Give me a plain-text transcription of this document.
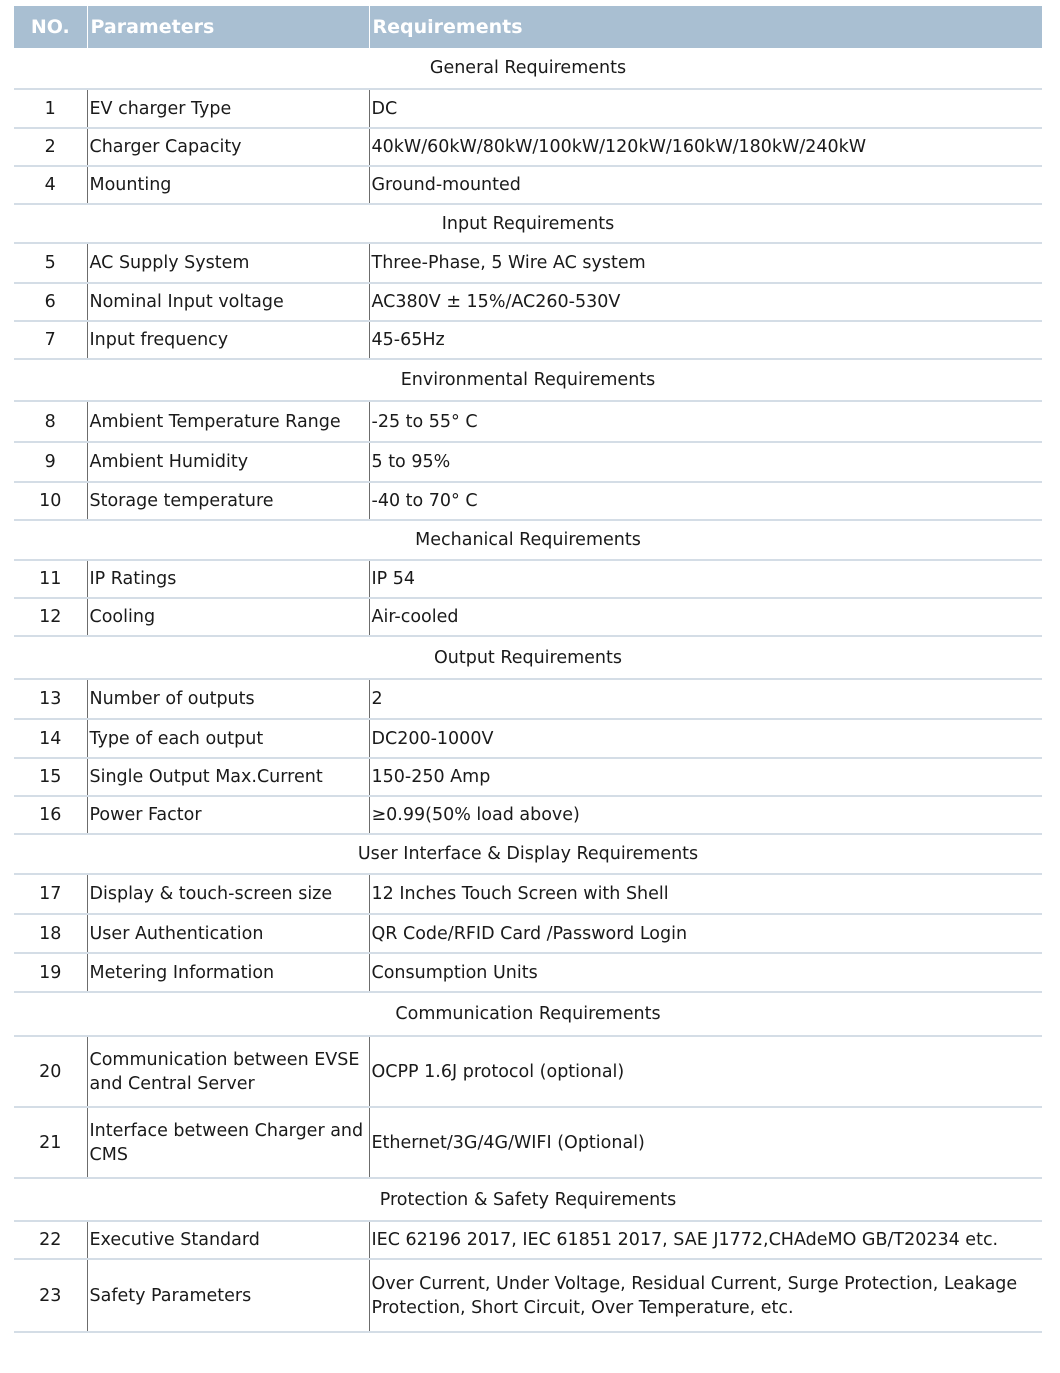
NO.	Parameters	Requirements
General Requirements		
1	EV charger Type	DC
2	Charger Capacity	40kW/60kW/80kW/100kW/120kW/160kW/180kW/240kW
4	Mounting	Ground-mounted
Input Requirements		
5	AC Supply System	Three-Phase, 5 Wire AC system
6	Nominal Input voltage	AC380V ± 15%/AC260-530V
7	Input frequency	45-65Hz
Environmental Requirements		
8	Ambient Temperature Range	-25 to 55° C
9	Ambient Humidity	5 to 95%
10	Storage temperature	-40 to 70° C
Mechanical Requirements		
11	IP Ratings	IP 54
12	Cooling	Air-cooled
Output Requirements		
13	Number of outputs	2
14	Type of each output	DC200-1000V
15	Single Output Max.Current	150-250 Amp
16	Power Factor	≥0.99(50% load above)
User Interface & Display Requirements		
17	Display & touch-screen size	12 Inches Touch Screen with Shell
18	User Authentication	QR Code/RFID Card /Password Login
19	Metering Information	Consumption Units
Communication Requirements		
20	Communication between EVSE and Central Server	OCPP 1.6J protocol (optional)
21	Interface between Charger and CMS	Ethernet/3G/4G/WIFI (Optional)
Protection & Safety Requirements		
22	Executive Standard	IEC 62196 2017, IEC 61851 2017, SAE J1772,CHAdeMO GB/T20234 etc.
23	Safety Parameters	Over Current, Under Voltage, Residual Current, Surge Protection, Leakage Protection, Short Circuit, Over Temperature, etc.
